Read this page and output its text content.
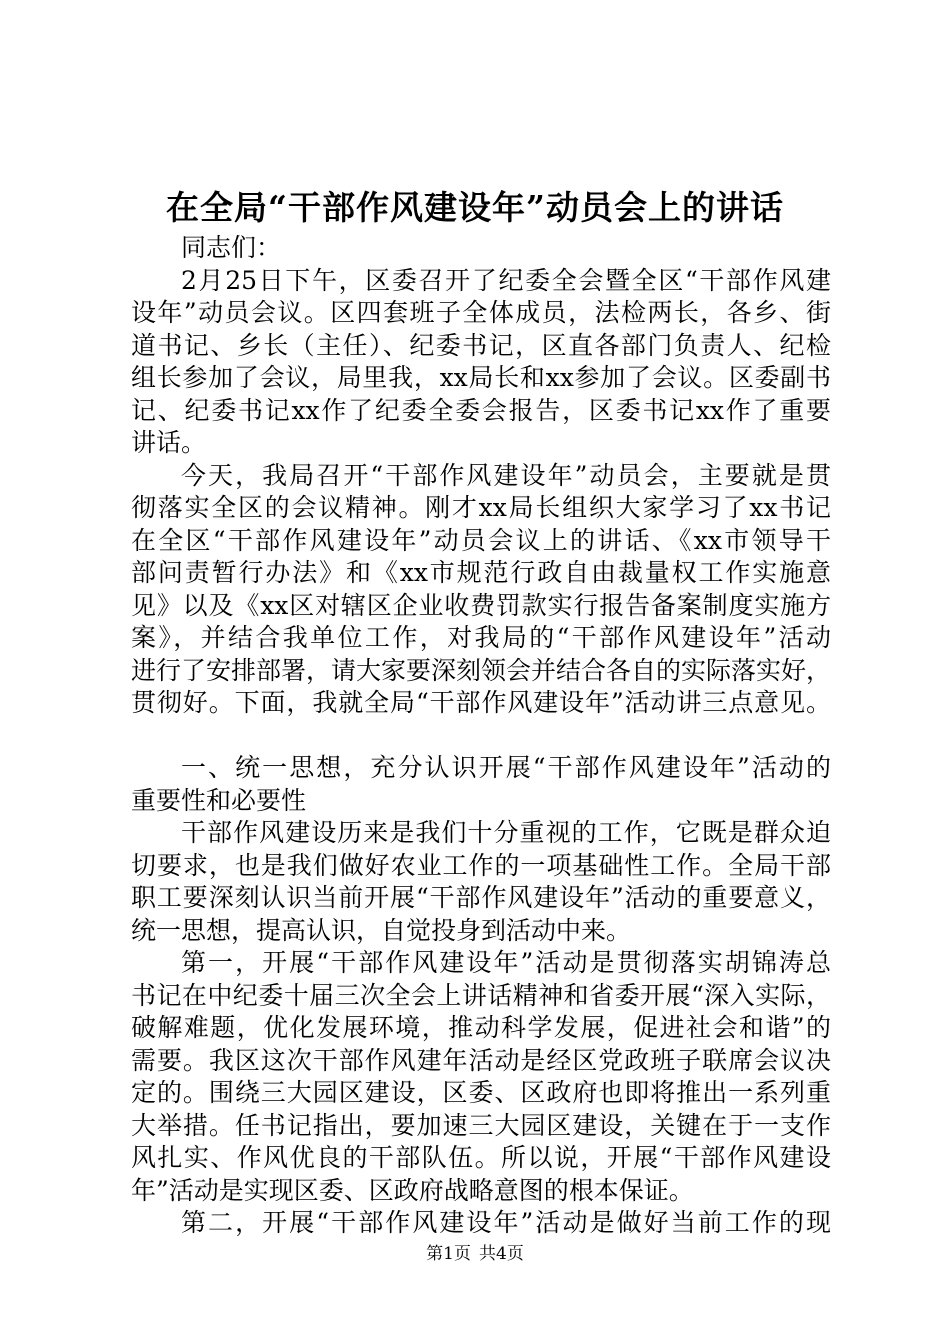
在全局“干部作风建设年”动员会上的讲话
同志们：
2月25日下午，区委召开了纪委全会暨全区“干部作风建
设年”动员会议。区四套班子全体成员，法检两长，各乡、街
道书记、乡长（主任）、纪委书记，区直各部门负责人、纪检
组长参加了会议，局里我，xx局长和xx参加了会议。区委副书
记、纪委书记xx作了纪委全委会报告，区委书记xx作了重要
讲话。
今天，我局召开“干部作风建设年”动员会，主要就是贯
彻落实全区的会议精神。刚才xx局长组织大家学习了xx书记
在全区“干部作风建设年”动员会议上的讲话、《xx市领导干
部问责暂行办法》和《xx市规范行政自由裁量权工作实施意
见》以及《xx区对辖区企业收费罚款实行报告备案制度实施方
案》，并结合我单位工作，对我局的“干部作风建设年”活动
进行了安排部署，请大家要深刻领会并结合各自的实际落实好，
贯彻好。下面，我就全局“干部作风建设年”活动讲三点意见。
一、统一思想，充分认识开展“干部作风建设年”活动的
重要性和必要性
干部作风建设历来是我们十分重视的工作，它既是群众迫
切要求，也是我们做好农业工作的一项基础性工作。全局干部
职工要深刻认识当前开展“干部作风建设年”活动的重要意义，
统一思想，提高认识，自觉投身到活动中来。
第一，开展“干部作风建设年”活动是贯彻落实胡锦涛总
书记在中纪委十届三次全会上讲话精神和省委开展“深入实际，
破解难题，优化发展环境，推动科学发展，促进社会和谐”的
需要。我区这次干部作风建年活动是经区党政班子联席会议决
定的。围绕三大园区建设，区委、区政府也即将推出一系列重
大举措。任书记指出，要加速三大园区建设，关键在于一支作
风扎实、作风优良的干部队伍。所以说，开展“干部作风建设
年”活动是实现区委、区政府战略意图的根本保证。
第二，开展“干部作风建设年”活动是做好当前工作的现
第1页 共4页
